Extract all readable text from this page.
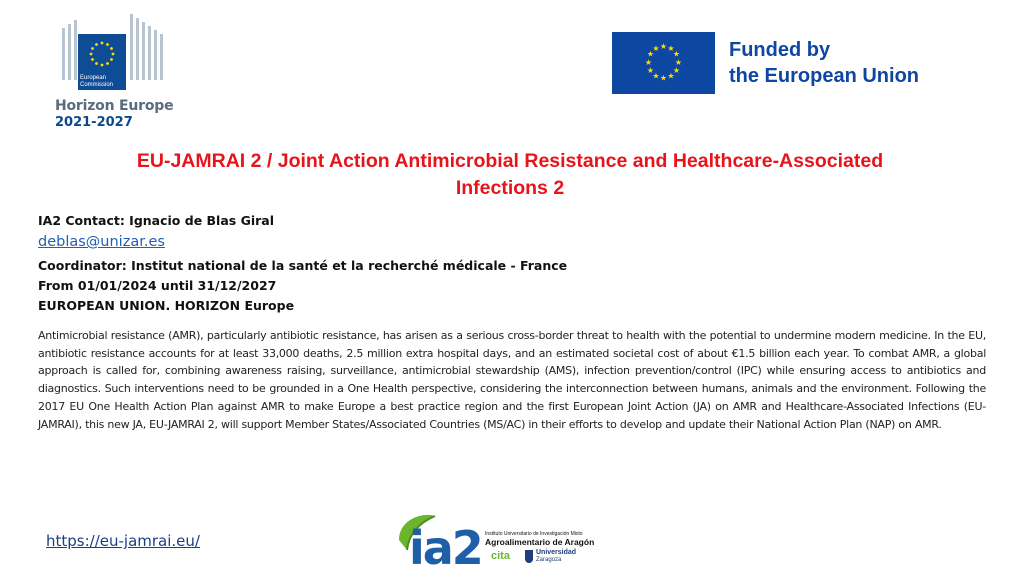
European
Commission
Horizon Europe
2021-2027
★ ★
★
★
★
★
★
★
★
★
★
★	Funded by
the European Union
EU-JAMRAI 2 / Joint Action Antimicrobial Resistance and Healthcare-Associated
Infections 2
IA2 Contact: Ignacio de Blas Giral
deblas@unizar.es
Coordinator: Institut national de la santé et la recherché médicale - France
From 01/01/2024 until 31/12/2027
EUROPEAN UNION. HORIZON Europe
Antimicrobial resistance (AMR), particularly antibiotic resistance, has arisen as a serious cross-border threat to health with the potential to undermine modern medicine. In the EU, antibiotic resistance accounts for at least 33,000 deaths, 2.5 million extra hospital days, and an estimated societal cost of about €1.5 billion each year. To combat AMR, a global approach is called for, combining awareness raising, surveillance, antimicrobial stewardship (AMS), infection prevention/control (IPC) while ensuring access to antibiotics and diagnostics. Such interventions need to be grounded in a One Health perspective, considering the interconnection between humans, animals and the environment. Following the 2017 EU One Health Action Plan against AMR to make Europe a best practice region and the first European Joint Action (JA) on AMR and Healthcare-Associated Infections (EU-JAMRAI), this new JA, EU-JAMRAI 2, will support Member States/Associated Countries (MS/AC) in their efforts to develop and update their National Action Plan (NAP) on AMR.
https://eu-jamrai.eu/	ia2 Instituto Universitario de Investigación Mixto
Agroalimentario de Aragón
cita	Universidad
Zaragoza
